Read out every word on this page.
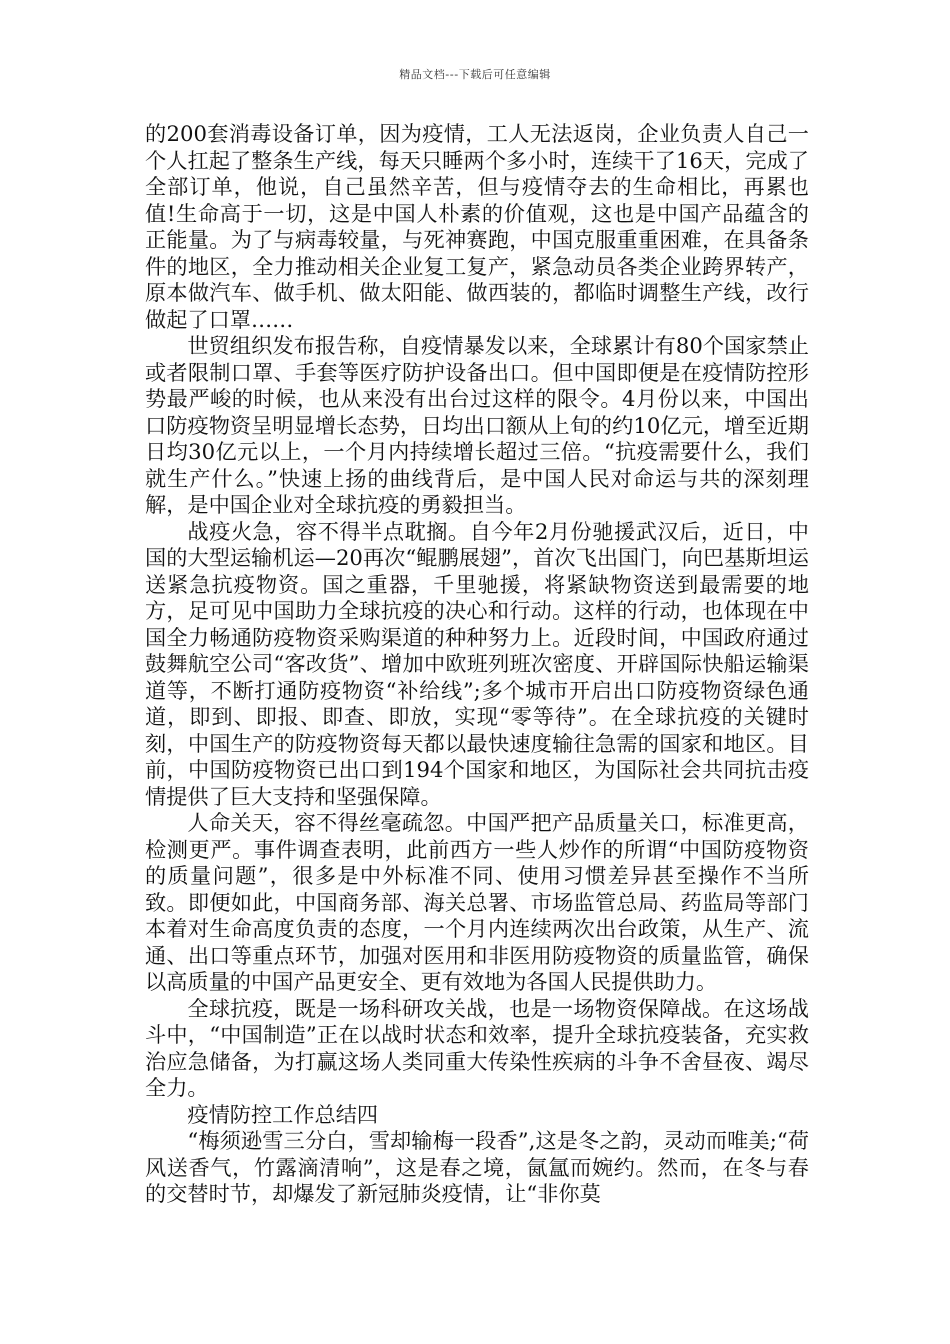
精品文档---下载后可任意编辑

的200套消毒设备订单，因为疫情，工人无法返岗，企业负责人自己一个人扛起了整条生产线，每天只睡两个多小时，连续干了16天，完成了全部订单，他说，自己虽然辛苦，但与疫情夺去的生命相比，再累也值!生命高于一切，这是中国人朴素的价值观，这也是中国产品蕴含的正能量。为了与病毒较量，与死神赛跑，中国克服重重困难，在具备条件的地区，全力推动相关企业复工复产，紧急动员各类企业跨界转产，原本做汽车、做手机、做太阳能、做西装的，都临时调整生产线，改行做起了口罩……

世贸组织发布报告称，自疫情暴发以来，全球累计有80个国家禁止或者限制口罩、手套等医疗防护设备出口。但中国即便是在疫情防控形势最严峻的时候，也从来没有出台过这样的限令。4月份以来，中国出口防疫物资呈明显增长态势，日均出口额从上旬的约10亿元，增至近期日均30亿元以上，一个月内持续增长超过三倍。“抗疫需要什么，我们就生产什么。”快速上扬的曲线背后，是中国人民对命运与共的深刻理解，是中国企业对全球抗疫的勇毅担当。

战疫火急，容不得半点耽搁。自今年2月份驰援武汉后，近日，中国的大型运输机运—20再次“鲲鹏展翅”，首次飞出国门，向巴基斯坦运送紧急抗疫物资。国之重器，千里驰援，将紧缺物资送到最需要的地方，足可见中国助力全球抗疫的决心和行动。这样的行动，也体现在中国全力畅通防疫物资采购渠道的种种努力上。近段时间，中国政府通过鼓舞航空公司“客改货”、增加中欧班列班次密度、开辟国际快船运输渠道等，不断打通防疫物资“补给线”;多个城市开启出口防疫物资绿色通道，即到、即报、即查、即放，实现“零等待”。在全球抗疫的关键时刻，中国生产的防疫物资每天都以最快速度输往急需的国家和地区。目前，中国防疫物资已出口到194个国家和地区，为国际社会共同抗击疫情提供了巨大支持和坚强保障。

人命关天，容不得丝毫疏忽。中国严把产品质量关口，标准更高，检测更严。事件调查表明，此前西方一些人炒作的所谓“中国防疫物资的质量问题”，很多是中外标准不同、使用习惯差异甚至操作不当所致。即便如此，中国商务部、海关总署、市场监管总局、药监局等部门本着对生命高度负责的态度，一个月内连续两次出台政策，从生产、流通、出口等重点环节，加强对医用和非医用防疫物资的质量监管，确保以高质量的中国产品更安全、更有效地为各国人民提供助力。

全球抗疫，既是一场科研攻关战，也是一场物资保障战。在这场战斗中，“中国制造”正在以战时状态和效率，提升全球抗疫装备，充实救治应急储备，为打赢这场人类同重大传染性疾病的斗争不舍昼夜、竭尽全力。

疫情防控工作总结四

“梅须逊雪三分白，雪却输梅一段香”,这是冬之韵，灵动而唯美;“荷风送香气，竹露滴清响”，这是春之境，氤氲而婉约。然而，在冬与春的交替时节，却爆发了新冠肺炎疫情，让“非你莫
